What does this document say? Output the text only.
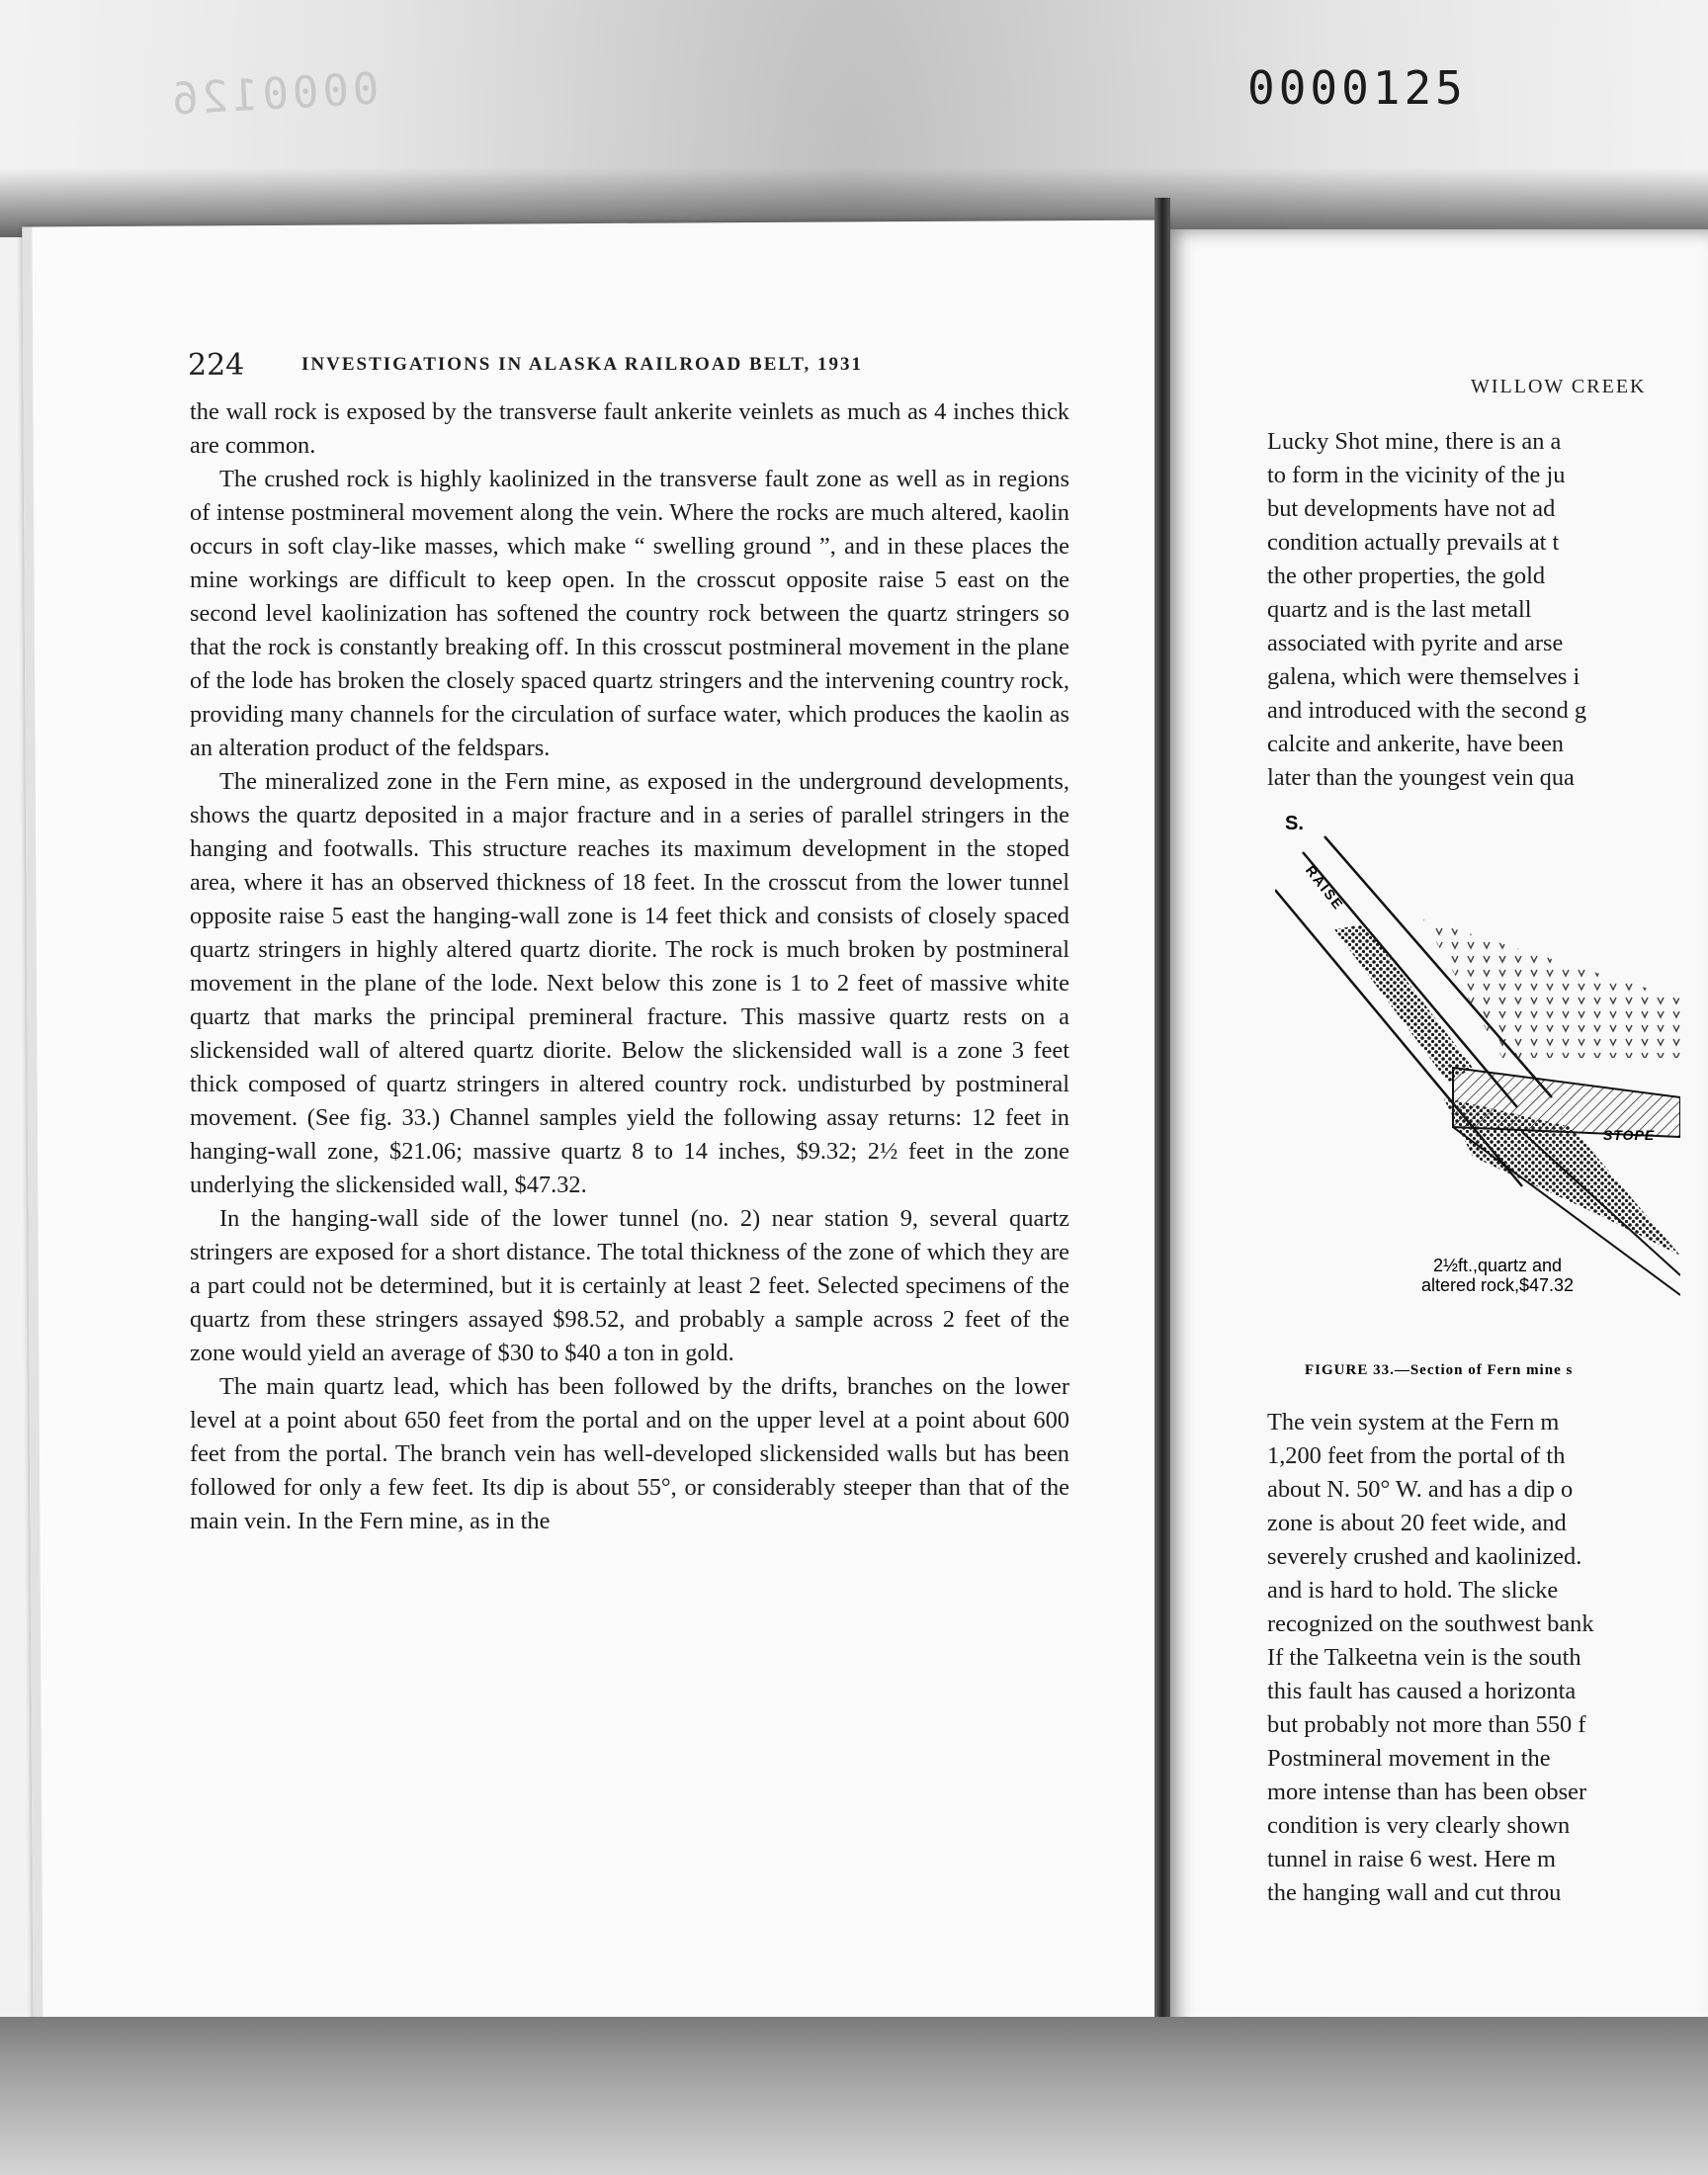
0000126	0000125
224	INVESTIGATIONS IN ALASKA RAILROAD BELT, 1931

the wall rock is exposed by the transverse fault ankerite veinlets as much as 4 inches thick are common.

The crushed rock is highly kaolinized in the transverse fault zone as well as in regions of intense postmineral movement along the vein. Where the rocks are much altered, kaolin occurs in soft clay-like masses, which make “ swelling ground ”, and in these places the mine workings are difficult to keep open. In the crosscut opposite raise 5 east on the second level kaolinization has softened the country rock between the quartz stringers so that the rock is constantly breaking off. In this crosscut postmineral movement in the plane of the lode has broken the closely spaced quartz stringers and the intervening country rock, providing many channels for the circulation of surface water, which produces the kaolin as an alteration product of the feldspars.

The mineralized zone in the Fern mine, as exposed in the underground developments, shows the quartz deposited in a major fracture and in a series of parallel stringers in the hanging and footwalls. This structure reaches its maximum development in the stoped area, where it has an observed thickness of 18 feet. In the crosscut from the lower tunnel opposite raise 5 east the hanging-wall zone is 14 feet thick and consists of closely spaced quartz stringers in highly altered quartz diorite. The rock is much broken by postmineral movement in the plane of the lode. Next below this zone is 1 to 2 feet of massive white quartz that marks the principal premineral fracture. This massive quartz rests on a slickensided wall of altered quartz diorite. Below the slickensided wall is a zone 3 feet thick composed of quartz stringers in altered country rock. undisturbed by postmineral movement. (See fig. 33.) Channel samples yield the following assay returns: 12 feet in hanging-wall zone, $21.06; massive quartz 8 to 14 inches, $9.32; 2½ feet in the zone underlying the slickensided wall, $47.32.

In the hanging-wall side of the lower tunnel (no. 2) near station 9, several quartz stringers are exposed for a short distance. The total thickness of the zone of which they are a part could not be determined, but it is certainly at least 2 feet. Selected specimens of the quartz from these stringers assayed $98.52, and probably a sample across 2 feet of the zone would yield an average of $30 to $40 a ton in gold.

The main quartz lead, which has been followed by the drifts, branches on the lower level at a point about 650 feet from the portal and on the upper level at a point about 600 feet from the portal. The branch vein has well-developed slickensided walls but has been followed for only a few feet. Its dip is about 55°, or considerably steeper than that of the main vein. In the Fern mine, as in the

WILLOW CREEK
Lucky Shot mine, there is an a
to form in the vicinity of the ju
but developments have not ad
condition actually prevails at t
the other properties, the gold
quartz and is the last metall
associated with pyrite and arse
galena, which were themselves i
and introduced with the second g
calcite and ankerite, have been
later than the youngest vein qua
S.
RAISE
STOPE
2½ft.,quartz and
altered rock,$47.32
FIGURE 33.—Section of Fern mine s
The vein system at the Fern m
1,200 feet from the portal of th
about N. 50° W. and has a dip o
zone is about 20 feet wide, and
severely crushed and kaolinized.
and is hard to hold. The slicke
recognized on the southwest bank
If the Talkeetna vein is the south
this fault has caused a horizonta
but probably not more than 550 f
Postmineral movement in the
more intense than has been obser
condition is very clearly shown
tunnel in raise 6 west. Here m
the hanging wall and cut throu
